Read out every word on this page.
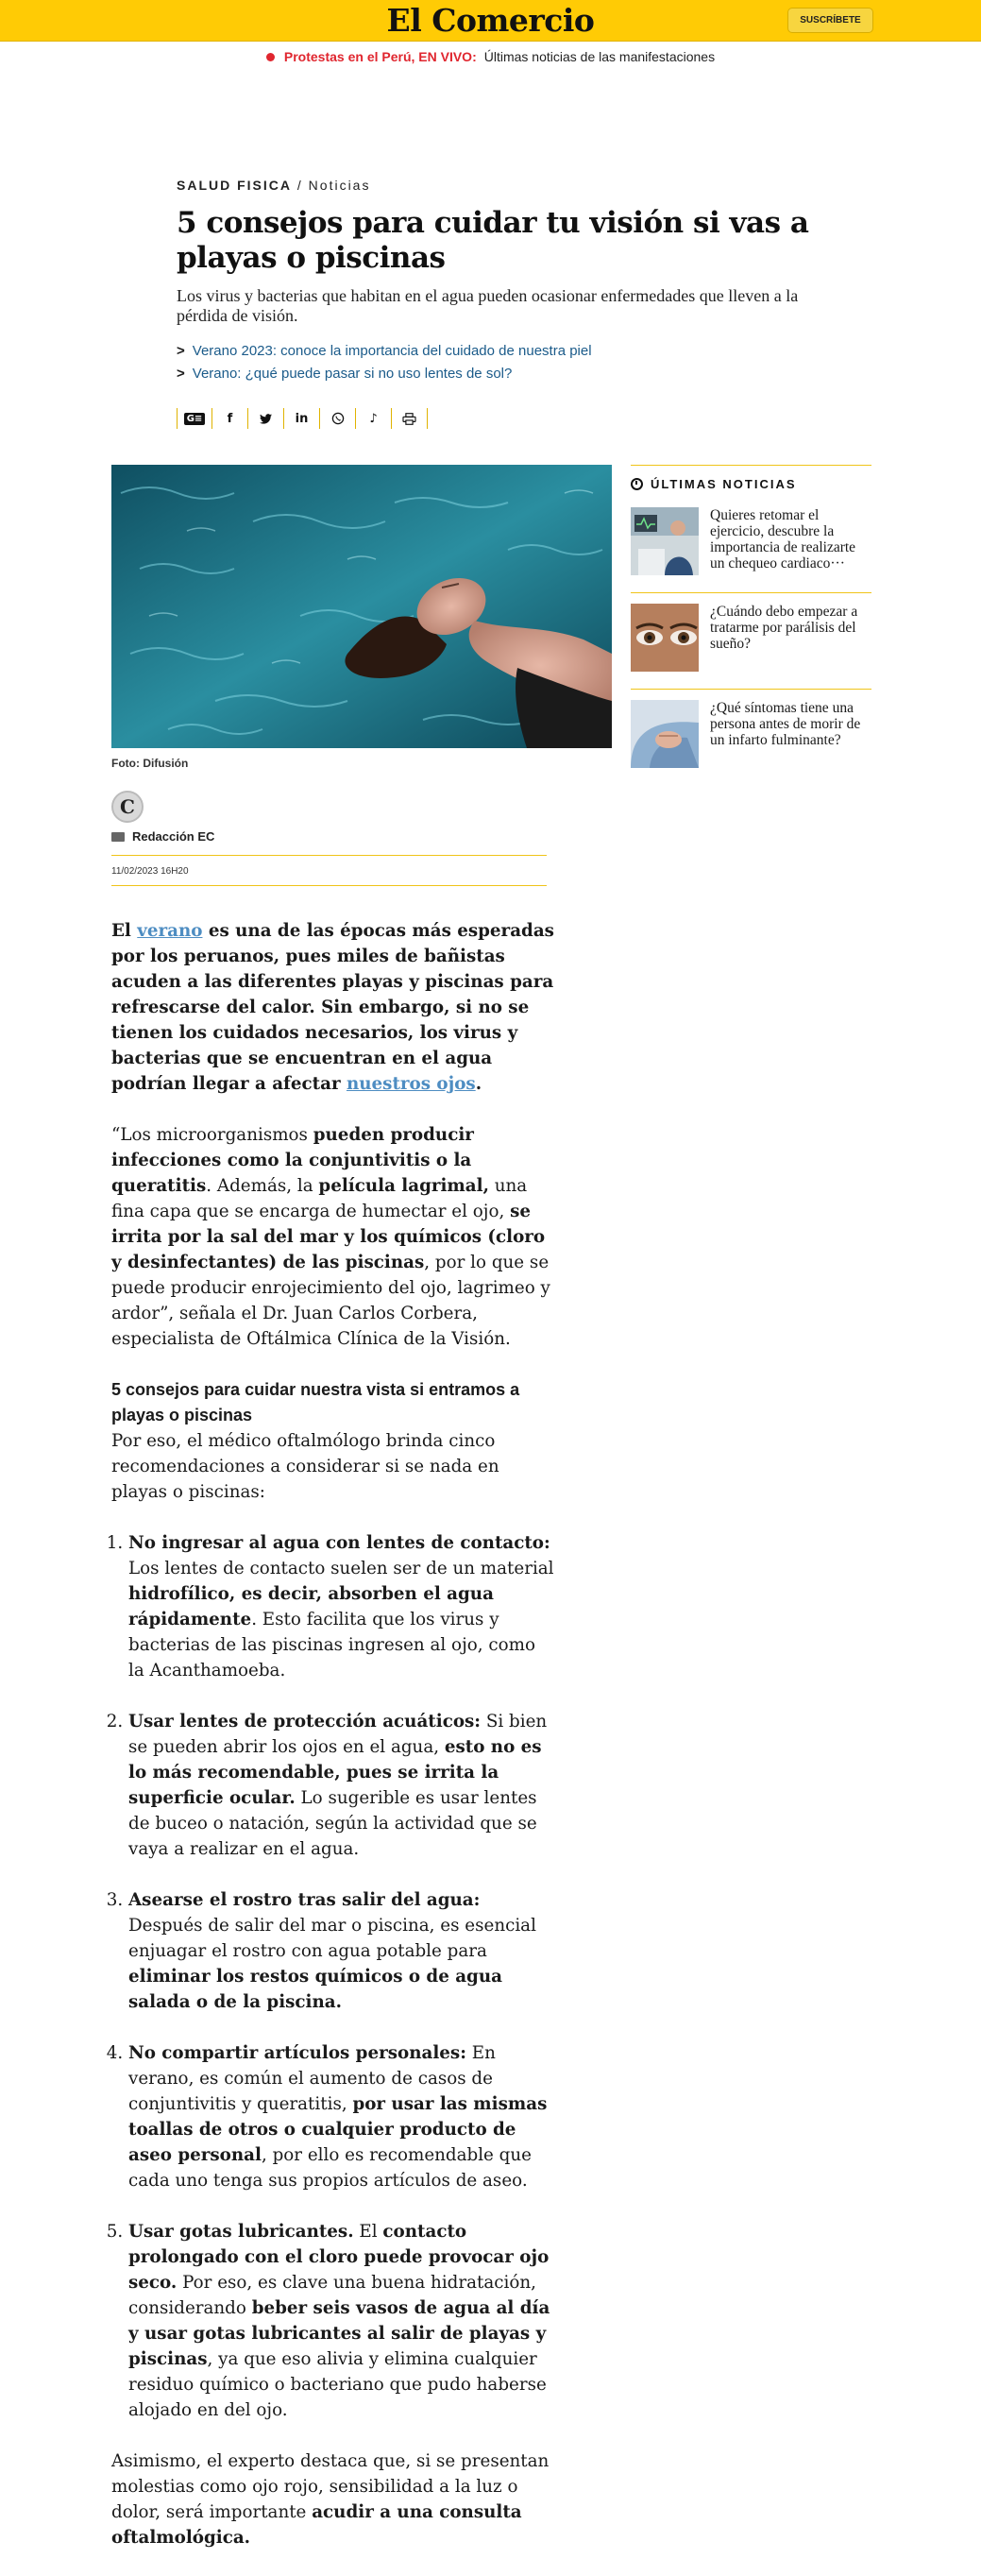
El Comercio	SUSCRÍBETE
Protestas en el Perú, EN VIVO: Últimas noticias de las manifestaciones
SALUD FISICA / Noticias
5 consejos para cuidar tu visión si vas a playas o piscinas

Los virus y bacterias que habitan en el agua pueden ocasionar enfermedades que lleven a la pérdida de visión.

> Verano 2023: conoce la importancia del cuidado de nuestra piel
> Verano: ¿qué puede pasar si no uso lentes de sol?
G≡	f	in	♪
Foto: Difusión
C
Redacción EC
11/02/2023 16H20

El verano es una de las épocas más esperadas por los peruanos, pues miles de bañistas acuden a las diferentes playas y piscinas para refrescarse del calor. Sin embargo, si no se tienen los cuidados necesarios, los virus y bacterias que se encuentran en el agua podrían llegar a afectar nuestros ojos.

“Los microorganismos pueden producir infecciones como la conjuntivitis o la queratitis. Además, la película lagrimal, una fina capa que se encarga de humectar el ojo, se irrita por la sal del mar y los químicos (cloro y desinfectantes) de las piscinas, por lo que se puede producir enrojecimiento del ojo, lagrimeo y ardor”, señala el Dr. Juan Carlos Corbera, especialista de Oftálmica Clínica de la Visión.

5 consejos para cuidar nuestra vista si entramos a playas o piscinas
Por eso, el médico oftalmólogo brinda cinco recomendaciones a considerar si se nada en playas o piscinas:
1. No ingresar al agua con lentes de contacto: Los lentes de contacto suelen ser de un material hidrofílico, es decir, absorben el agua rápidamente. Esto facilita que los virus y bacterias de las piscinas ingresen al ojo, como la Acanthamoeba.
2. Usar lentes de protección acuáticos: Si bien se pueden abrir los ojos en el agua, esto no es lo más recomendable, pues se irrita la superficie ocular. Lo sugerible es usar lentes de buceo o natación, según la actividad que se vaya a realizar en el agua.
3. Asearse el rostro tras salir del agua: Después de salir del mar o piscina, es esencial enjuagar el rostro con agua potable para eliminar los restos químicos o de agua salada o de la piscina.
4. No compartir artículos personales: En verano, es común el aumento de casos de conjuntivitis y queratitis, por usar las mismas toallas de otros o cualquier producto de aseo personal, por ello es recomendable que cada uno tenga sus propios artículos de aseo.
5. Usar gotas lubricantes. El contacto prolongado con el cloro puede provocar ojo seco. Por eso, es clave una buena hidratación, considerando beber seis vasos de agua al día y usar gotas lubricantes al salir de playas y piscinas, ya que eso alivia y elimina cualquier residuo químico o bacteriano que pudo haberse alojado en del ojo.

Asimismo, el experto destaca que, si se presentan molestias como ojo rojo, sensibilidad a la luz o dolor, será importante acudir a una consulta oftalmológica.

ÚLTIMAS NOTICIAS
Quieres retomar el ejercicio, descubre la importancia de realizarte un chequeo cardiaco···
¿Cuándo debo empezar a tratarme por parálisis del sueño?
¿Qué síntomas tiene una persona antes de morir de un infarto fulminante?
